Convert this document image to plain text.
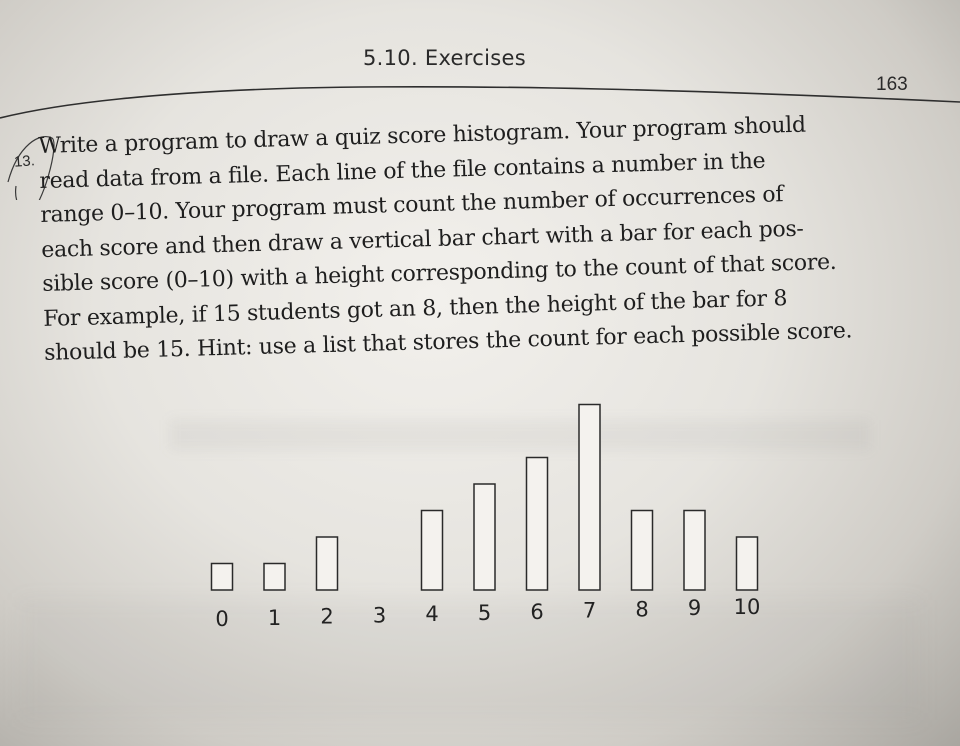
5.10. Exercises
163
13.
Write a program to draw a quiz score histogram. Your program should
read data from a file. Each line of the file contains a number in the
range 0–10. Your program must count the number of occurrences of
each score and then draw a vertical bar chart with a bar for each pos-
sible score (0–10) with a height corresponding to the count of that score.
For example, if 15 students got an 8, then the height of the bar for 8
should be 15. Hint: use a list that stores the count for each possible score.
0 1 2 3 4 5 6 7 8 9 10
